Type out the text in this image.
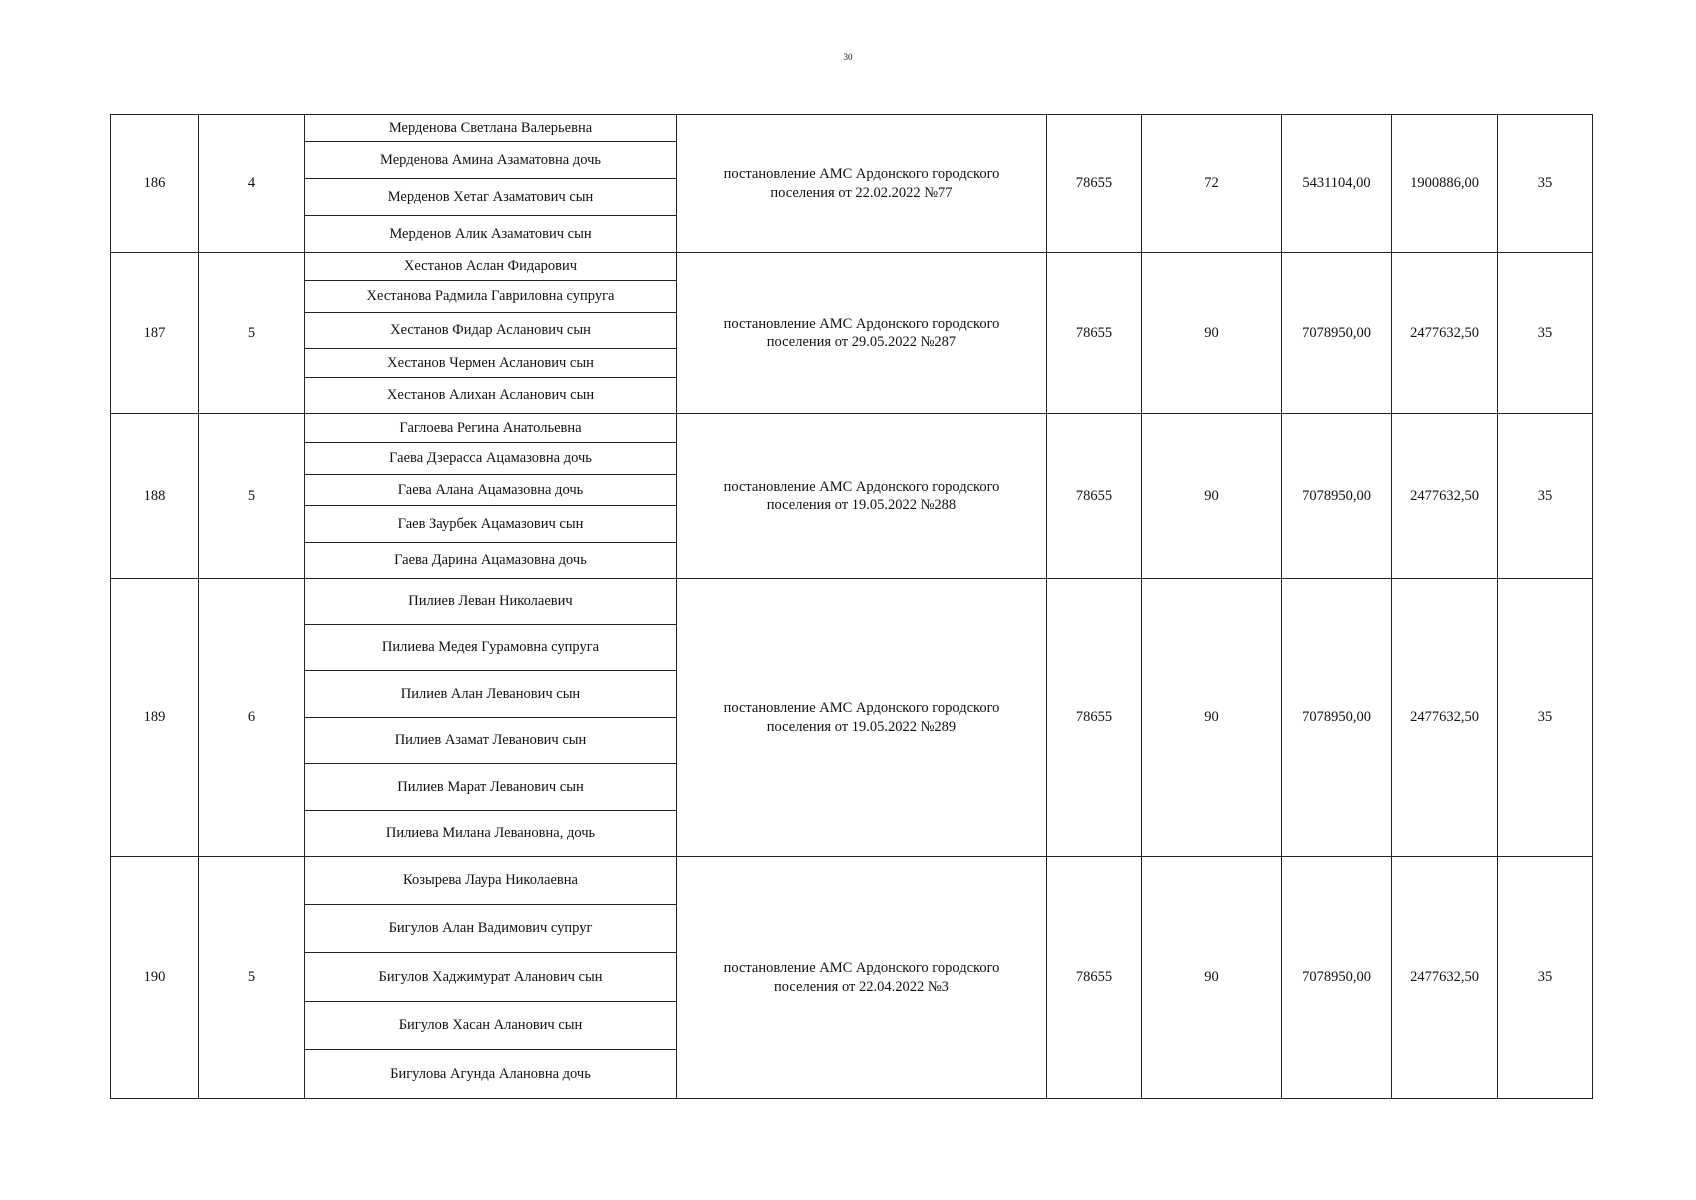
30

186	4	Мерденова Светлана Валерьевна	постановление АМС Ардонского городского поселения от 22.02.2022 №77	78655	72	5431104,00	1900886,00	35
		Мерденова Амина Азаматовна дочь						
		Мерденов Хетаг Азаматович сын						
		Мерденов Алик Азаматович сын						
187	5	Хестанов Аслан Фидарович	постановление АМС Ардонского городского поселения от 29.05.2022 №287	78655	90	7078950,00	2477632,50	35
		Хестанова Радмила Гавриловна супруга						
		Хестанов Фидар Асланович сын						
		Хестанов Чермен Асланович сын						
		Хестанов Алихан Асланович сын						
188	5	Гаглоева Регина Анатольевна	постановление АМС Ардонского городского поселения от 19.05.2022 №288	78655	90	7078950,00	2477632,50	35
		Гаева Дзерасса Ацамазовна дочь						
		Гаева Алана Ацамазовна дочь						
		Гаев Заурбек Ацамазович сын						
		Гаева Дарина Ацамазовна дочь						
189	6	Пилиев Леван Николаевич	постановление АМС Ардонского городского поселения от 19.05.2022 №289	78655	90	7078950,00	2477632,50	35
		Пилиева Медея Гурамовна супруга						
		Пилиев Алан Леванович сын						
		Пилиев Азамат Леванович сын						
		Пилиев Марат Леванович сын						
		Пилиева Милана Левановна, дочь						
190	5	Козырева Лаура Николаевна	постановление АМС Ардонского городского поселения от 22.04.2022 №3	78655	90	7078950,00	2477632,50	35
		Бигулов Алан Вадимович супруг						
		Бигулов Хаджимурат Аланович сын						
		Бигулов Хасан Аланович сын						
		Бигулова Агунда Алановна дочь						
